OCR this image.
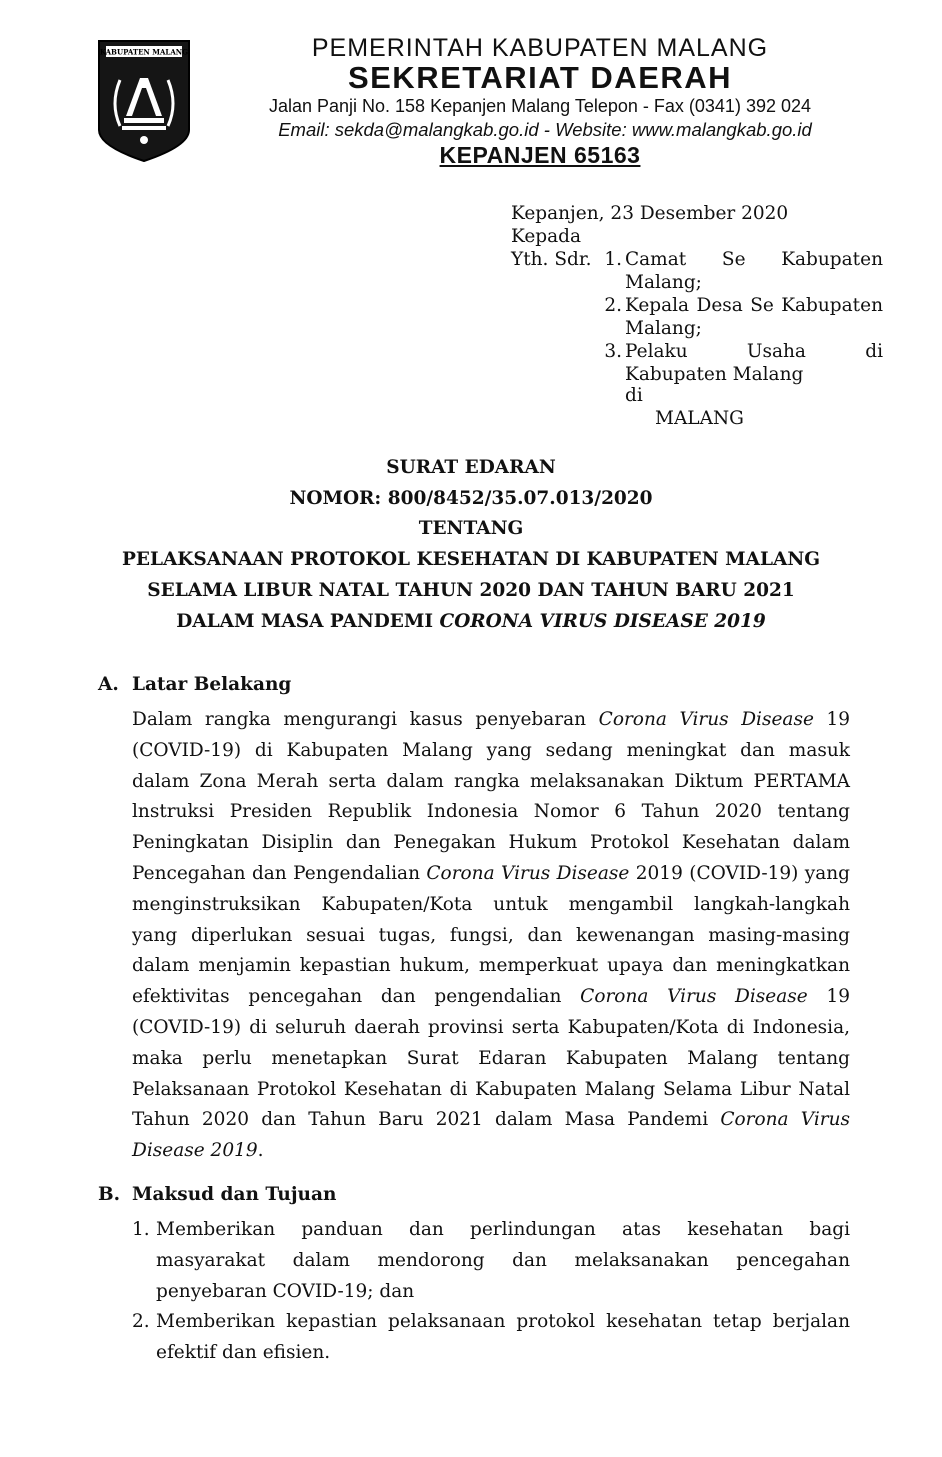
KABUPATEN MALANG	PEMERINTAH KABUPATEN MALANG
SEKRETARIAT DAERAH
Jalan Panji No. 158 Kepanjen Malang Telepon - Fax (0341) 392 024
Email: sekda@malangkab.go.id - Website: www.malangkab.go.id
KEPANJEN 65163
Kepanjen, 23 Desember 2020
Kepada
Yth. Sdr. 1. Camat Se Kabupaten
Malang;
2. Kepala Desa Se Kabupaten
Malang;
3. Pelaku	Usaha	di
Kabupaten Malang
di
MALANG
SURAT EDARAN
NOMOR: 800/8452/35.07.013/2020
TENTANG
PELAKSANAAN PROTOKOL KESEHATAN DI KABUPATEN MALANG
SELAMA LIBUR NATAL TAHUN 2020 DAN TAHUN BARU 2021
DALAM MASA PANDEMI CORONA VIRUS DISEASE 2019
A. Latar Belakang
Dalam rangka mengurangi kasus penyebaran Corona Virus Disease 19
(COVID-19) di Kabupaten Malang yang sedang meningkat dan masuk
dalam Zona Merah serta dalam rangka melaksanakan Diktum PERTAMA
lnstruksi Presiden Republik Indonesia Nomor 6 Tahun 2020 tentang
Peningkatan Disiplin dan Penegakan Hukum Protokol Kesehatan dalam
Pencegahan dan Pengendalian Corona Virus Disease 2019 (COVID-19) yang
menginstruksikan Kabupaten/Kota untuk mengambil langkah-langkah
yang diperlukan sesuai tugas, fungsi, dan kewenangan masing-masing
dalam menjamin kepastian hukum, memperkuat upaya dan meningkatkan
efektivitas pencegahan dan pengendalian Corona Virus Disease 19
(COVID-19) di seluruh daerah provinsi serta Kabupaten/Kota di Indonesia,
maka perlu menetapkan Surat Edaran Kabupaten Malang tentang
Pelaksanaan Protokol Kesehatan di Kabupaten Malang Selama Libur Natal
Tahun 2020 dan Tahun Baru 2021 dalam Masa Pandemi Corona Virus
Disease 2019.
B. Maksud dan Tujuan
1. Memberikan panduan dan perlindungan atas kesehatan bagi
masyarakat dalam mendorong dan melaksanakan pencegahan
penyebaran COVID-19; dan
2. Memberikan kepastian pelaksanaan protokol kesehatan tetap berjalan
efektif dan efisien.
